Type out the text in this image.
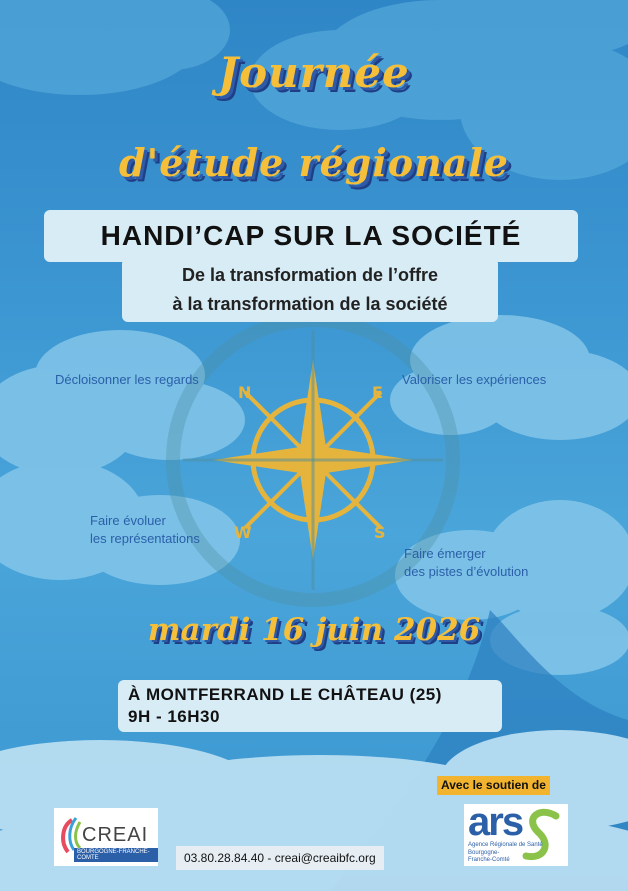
N	E
S
W
Journée
d'étude régionale
HANDI’CAP SUR LA SOCIÉTÉ
De la transformation de l’offre
à la transformation de la société
Décloisonner les regards	Valoriser les expériences
Faire évoluer
les représentations
Faire émerger
des pistes d’évolution
mardi 16 juin 2026
À MONTFERRAND LE CHÂTEAU (25)
9H - 16H30
Avec le soutien de
CREAI
BOURGOGNE-FRANCHE-COMTE
ars
Agence Régionale de Santé
Bourgogne-
Franche-Comté
03.80.28.84.40 - creai@creaibfc.org
